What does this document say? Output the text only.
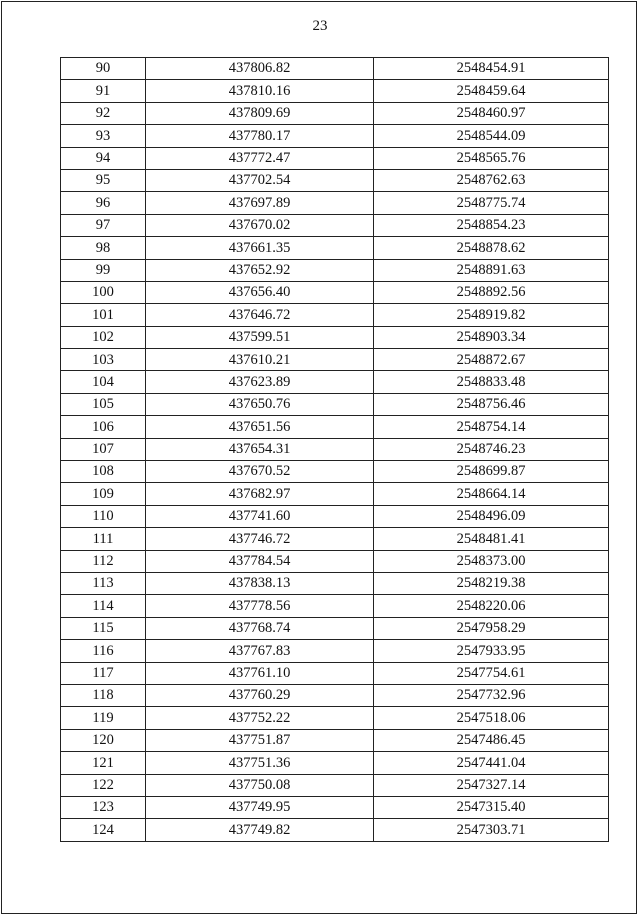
23
90	437806.82	2548454.91
91	437810.16	2548459.64
92	437809.69	2548460.97
93	437780.17	2548544.09
94	437772.47	2548565.76
95	437702.54	2548762.63
96	437697.89	2548775.74
97	437670.02	2548854.23
98	437661.35	2548878.62
99	437652.92	2548891.63
100	437656.40	2548892.56
101	437646.72	2548919.82
102	437599.51	2548903.34
103	437610.21	2548872.67
104	437623.89	2548833.48
105	437650.76	2548756.46
106	437651.56	2548754.14
107	437654.31	2548746.23
108	437670.52	2548699.87
109	437682.97	2548664.14
110	437741.60	2548496.09
111	437746.72	2548481.41
112	437784.54	2548373.00
113	437838.13	2548219.38
114	437778.56	2548220.06
115	437768.74	2547958.29
116	437767.83	2547933.95
117	437761.10	2547754.61
118	437760.29	2547732.96
119	437752.22	2547518.06
120	437751.87	2547486.45
121	437751.36	2547441.04
122	437750.08	2547327.14
123	437749.95	2547315.40
124	437749.82	2547303.71
